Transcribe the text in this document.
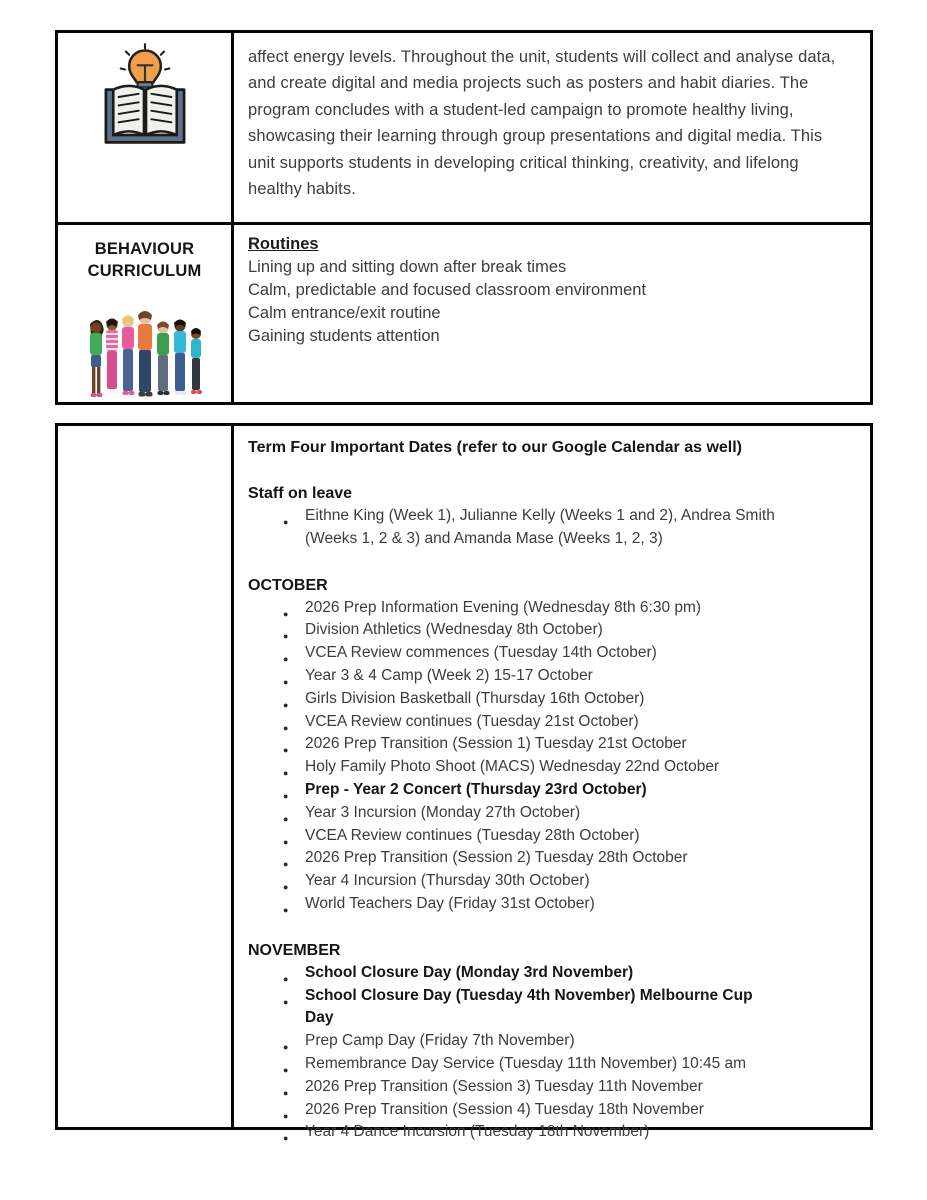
affect energy levels. Throughout the unit, students will collect and analyse data, and create digital and media projects such as posters and habit diaries. The program concludes with a student-led campaign to promote healthy living, showcasing their learning through group presentations and digital media. This unit supports students in developing critical thinking, creativity, and lifelong healthy habits.

BEHAVIOUR CURRICULUM
Routines
Lining up and sitting down after break times
Calm, predictable and focused classroom environment
Calm entrance/exit routine
Gaining students attention
Term Four Important Dates (refer to our Google Calendar as well)
Staff on leave
● Eithne King (Week 1), Julianne Kelly (Weeks 1 and 2), Andrea Smith (Weeks 1, 2 & 3) and Amanda Mase (Weeks 1, 2, 3)
OCTOBER
● 2026 Prep Information Evening (Wednesday 8th 6:30 pm)
● Division Athletics (Wednesday 8th October)
● VCEA Review commences (Tuesday 14th October)
● Year 3 & 4 Camp (Week 2) 15-17 October
● Girls Division Basketball (Thursday 16th October)
● VCEA Review continues (Tuesday 21st October)
● 2026 Prep Transition (Session 1) Tuesday 21st October
● Holy Family Photo Shoot (MACS) Wednesday 22nd October
● Prep - Year 2 Concert (Thursday 23rd October)
● Year 3 Incursion (Monday 27th October)
● VCEA Review continues (Tuesday 28th October)
● 2026 Prep Transition (Session 2) Tuesday 28th October
● Year 4 Incursion (Thursday 30th October)
● World Teachers Day (Friday 31st October)
NOVEMBER
● School Closure Day (Monday 3rd November)
● School Closure Day (Tuesday 4th November) Melbourne Cup Day
● Prep Camp Day (Friday 7th November)
● Remembrance Day Service (Tuesday 11th November) 10:45 am
● 2026 Prep Transition (Session 3) Tuesday 11th November
● 2026 Prep Transition (Session 4) Tuesday 18th November
● Year 4 Dance Incursion (Tuesday 18th November)
